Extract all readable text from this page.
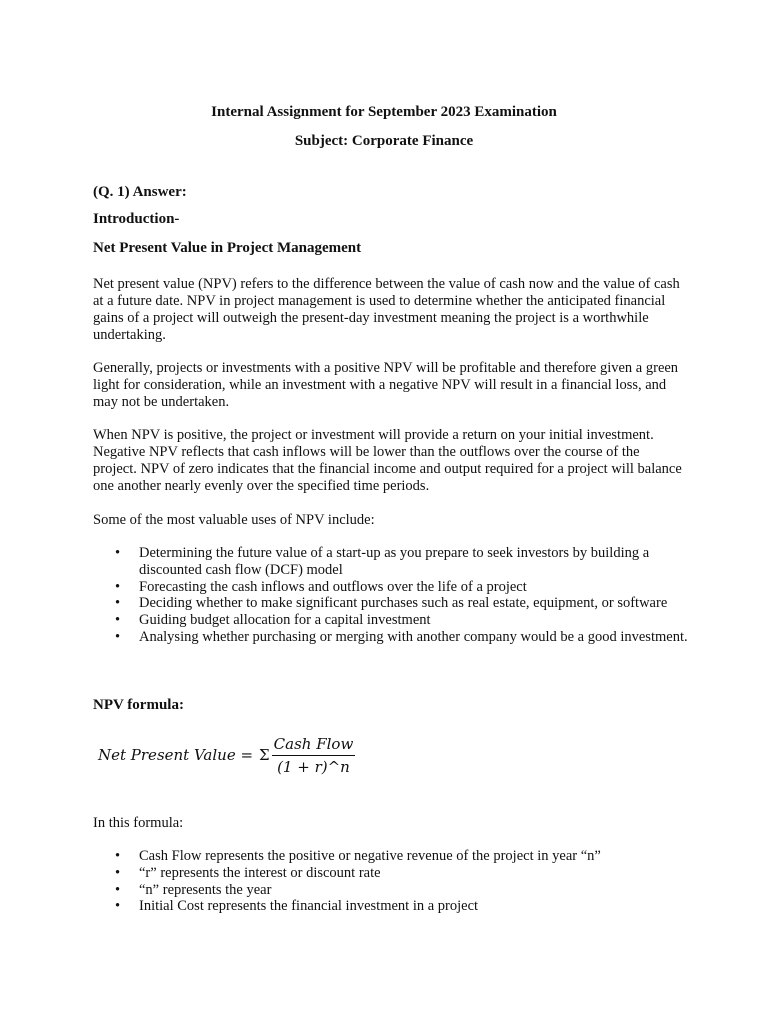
Internal Assignment for September 2023 Examination
Subject: Corporate Finance
(Q. 1) Answer:
Introduction-
Net Present Value in Project Management

Net present value (NPV) refers to the difference between the value of cash now and the value of cash at a future date. NPV in project management is used to determine whether the anticipated financial gains of a project will outweigh the present-day investment meaning the project is a worthwhile undertaking.

Generally, projects or investments with a positive NPV will be profitable and therefore given a green light for consideration, while an investment with a negative NPV will result in a financial loss, and may not be undertaken.

When NPV is positive, the project or investment will provide a return on your initial investment. Negative NPV reflects that cash inflows will be lower than the outflows over the course of the project. NPV of zero indicates that the financial income and output required for a project will balance one another nearly evenly over the specified time periods.

Some of the most valuable uses of NPV include:

• Determining the future value of a start-up as you prepare to seek investors by building a discounted cash flow (DCF) model
• Forecasting the cash inflows and outflows over the life of a project
• Deciding whether to make significant purchases such as real estate, equipment, or software
• Guiding budget allocation for a capital investment
• Analysing whether purchasing or merging with another company would be a good investment.
NPV formula:
Net Present Value = Σ $\frac{\text{Cash Flow}}{(1 + r)\^{}n}$

In this formula:

• Cash Flow represents the positive or negative revenue of the project in year “n”
• “r” represents the interest or discount rate
• “n” represents the year
• Initial Cost represents the financial investment in a project
